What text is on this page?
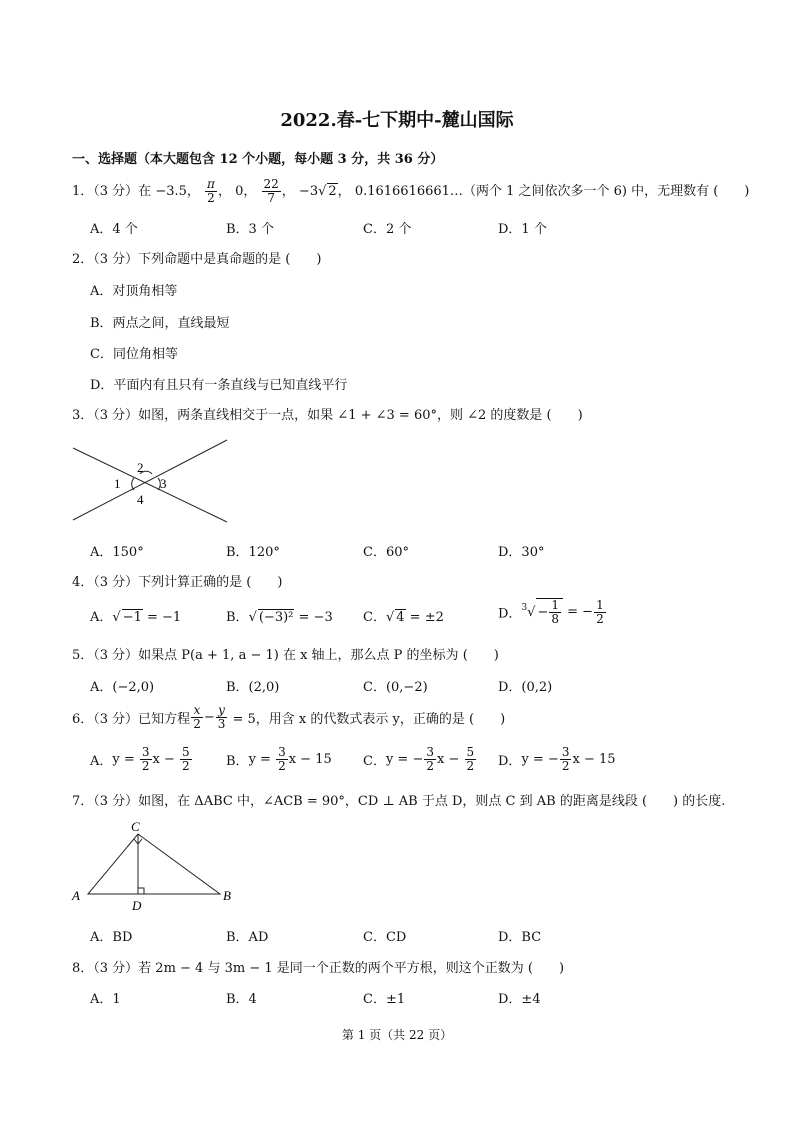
2022.春-七下期中-麓山国际
一、选择题（本大题包含 12 个小题，每小题 3 分，共 36 分）
1．（3 分）在 −3.5， $\frac{\pi}{2}$ ， 0， $\frac{22}{7}$ ， −3√ 2， 0.1616616661…（两个 1 之间依次多一个 6) 中，无理数有 (　　)
A．4 个	B．3 个	C．2 个	D．1 个
2．（3 分）下列命题中是真命题的是 (　　)
A．对顶角相等
B．两点之间，直线最短
C．同位角相等
D．平面内有且只有一条直线与已知直线平行
3．（3 分）如图，两条直线相交于一点，如果 ∠1 + ∠3 = 60°，则 ∠2 的度数是 (　　)
1
2
3
4
A．150°	B．120°	C．60°	D．30°
4．（3 分）下列计算正确的是 (　　)
A．√ −1 = −1	B．√ (−3)² = −3 C．√ 4 = ±2	D．$^3√ - \frac{1}{8}$ = − $\frac{1}{2}$
5．（3 分）如果点 P(a + 1, a − 1) 在 x 轴上，那么点 P 的坐标为 (　　)
A．(−2,0)	B．(2,0)	C．(0,−2)	D．(0,2)
6．（3 分）已知方程 $\frac{x}{2} - \frac{y}{3} = 5$，用含 x 的代数式表示 y，正确的是 (　　)
A．$y = \frac{3}{2}$ $x - \frac{5}{2}$	B．$y = \frac{3}{2}$ x − 15 C．y = − $\frac{3}{2}$ $x - \frac{5}{2}$ D．y = − $\frac{3}{2}$ x − 15
7．（3 分）如图，在 ΔABC 中，∠ACB = 90°，CD ⊥ AB 于点 D，则点 C 到 AB 的距离是线段 (　　) 的长度.
C
A
D
B
A．BD	B．AD	C．CD	D．BC
8．（3 分）若 2m − 4 与 3m − 1 是同一个正数的两个平方根，则这个正数为 (　　)
A．1	B．4	C．±1	D．±4
第 1 页（共 22 页）
